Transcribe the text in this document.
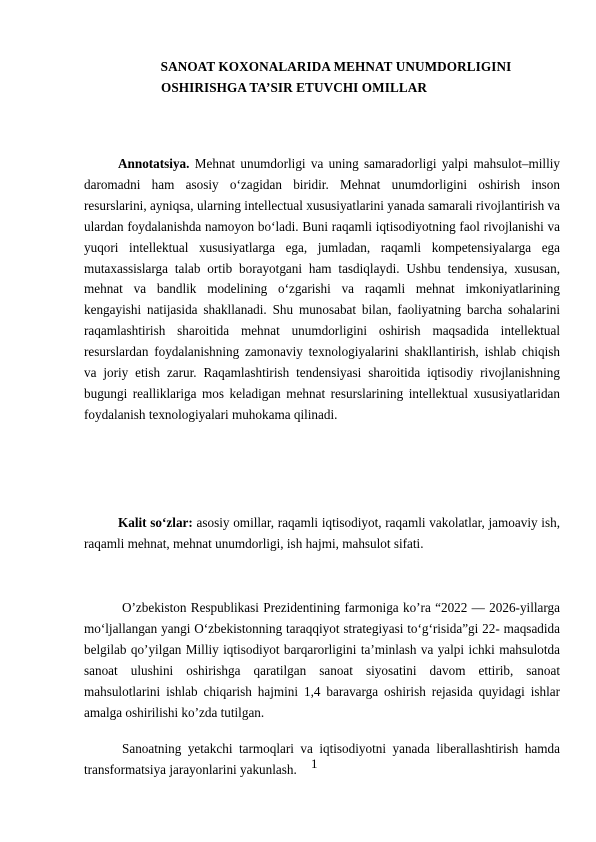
SANOAT KOXONALARIDA MEHNAT UNUMDORLIGINI
OSHIRISHGA TA’SIR ETUVCHI OMILLAR

Annotatsiya. Mehnat unumdorligi va uning samaradorligi yalpi mahsulot–milliy daromadni ham asosiy oʻzagidan biridir. Mehnat unumdorligini oshirish inson resurslarini, ayniqsa, ularning intellectual xususiyatlarini yanada samarali rivojlantirish va ulardan foydalanishda namoyon boʻladi. Buni raqamli iqtisodiyotning faol rivojlanishi va yuqori intellektual xususiyatlarga ega, jumladan, raqamli kompetensiyalarga ega mutaxassislarga talab ortib borayotgani ham tasdiqlaydi. Ushbu tendensiya, xususan, mehnat va bandlik modelining oʻzgarishi va raqamli mehnat imkoniyatlarining kengayishi natijasida shakllanadi. Shu munosabat bilan, faoliyatning barcha sohalarini raqamlashtirish sharoitida mehnat unumdorligini oshirish maqsadida intellektual resurslardan foydalanishning zamonaviy texnologiyalarini shakllantirish, ishlab chiqish va joriy etish zarur. Raqamlashtirish tendensiyasi sharoitida iqtisodiy rivojlanishning bugungi realliklariga mos keladigan mehnat resurslarining intellektual xususiyatlaridan foydalanish texnologiyalari muhokama qilinadi.

Kalit soʻzlar: asosiy omillar, raqamli iqtisodiyot, raqamli vakolatlar, jamoaviy ish, raqamli mehnat, mehnat unumdorligi, ish hajmi, mahsulot sifati.

Oʼzbekiston Respublikasi Prezidentining farmoniga koʼra “2022 — 2026-yillarga moʻljallangan yangi Oʻzbekistonning taraqqiyot strategiyasi toʻgʻrisida”gi 22- maqsadida belgilab qoʼyilgan Milliy iqtisodiyot barqarorligini taʼminlash va yalpi ichki mahsulotda sanoat ulushini oshirishga qaratilgan sanoat siyosatini davom ettirib, sanoat mahsulotlarini ishlab chiqarish hajmini 1,4 baravarga oshirish rejasida quyidagi ishlar amalga oshirilishi koʼzda tutilgan.

Sanoatning yetakchi tarmoqlari va iqtisodiyotni yanada liberallashtirish hamda transformatsiya jarayonlarini yakunlash.	1
